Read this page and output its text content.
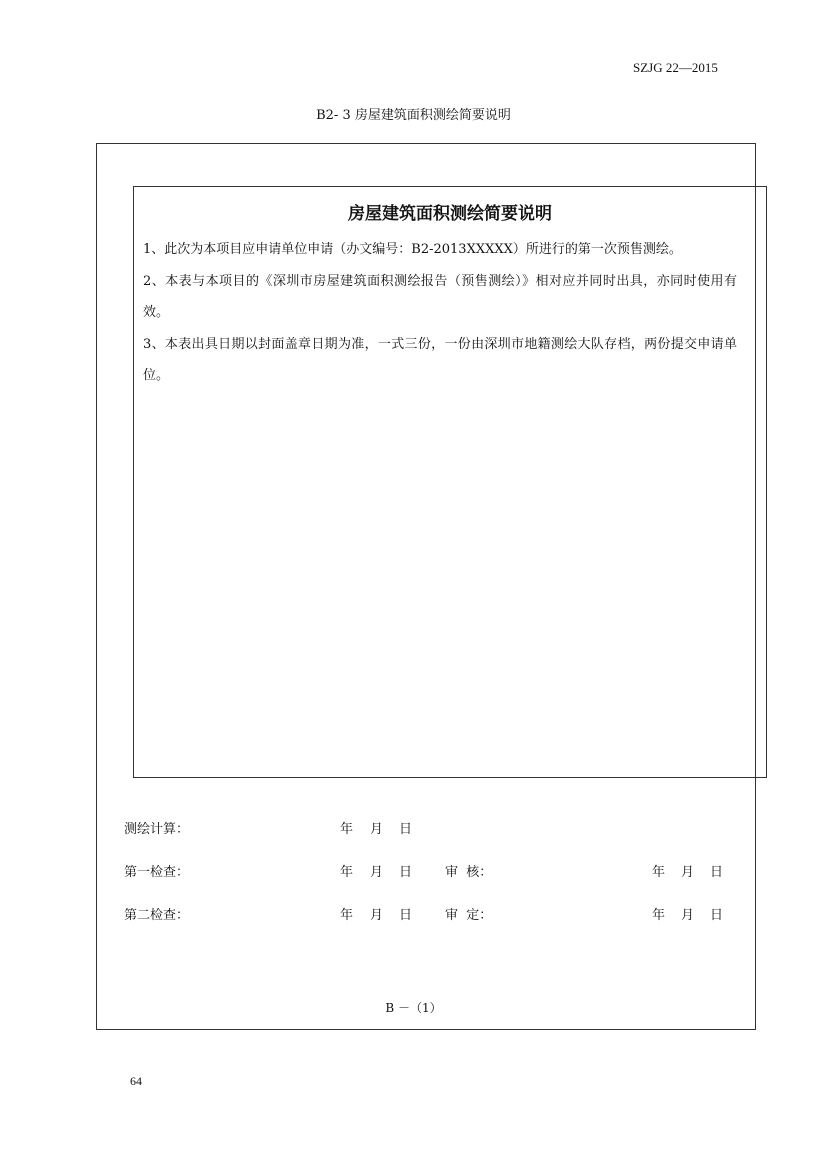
SZJG 22—2015
B2- 3 房屋建筑面积测绘简要说明
房屋建筑面积测绘简要说明

1、此次为本项目应申请单位申请（办文编号：B2-2013XXXXX）所进行的第一次预售测绘。

2、本表与本项目的《深圳市房屋建筑面积测绘报告（预售测绘）》相对应并同时出具，亦同时使用有效。

3、本表出具日期以封面盖章日期为准，一式三份，一份由深圳市地籍测绘大队存档，两份提交申请单位。

测绘计算：	年 月 日
第一检查：	年 月 日	审  核：	年 月 日
第二检查：	年 月 日	审  定：	年 月 日
B －（1）
64
